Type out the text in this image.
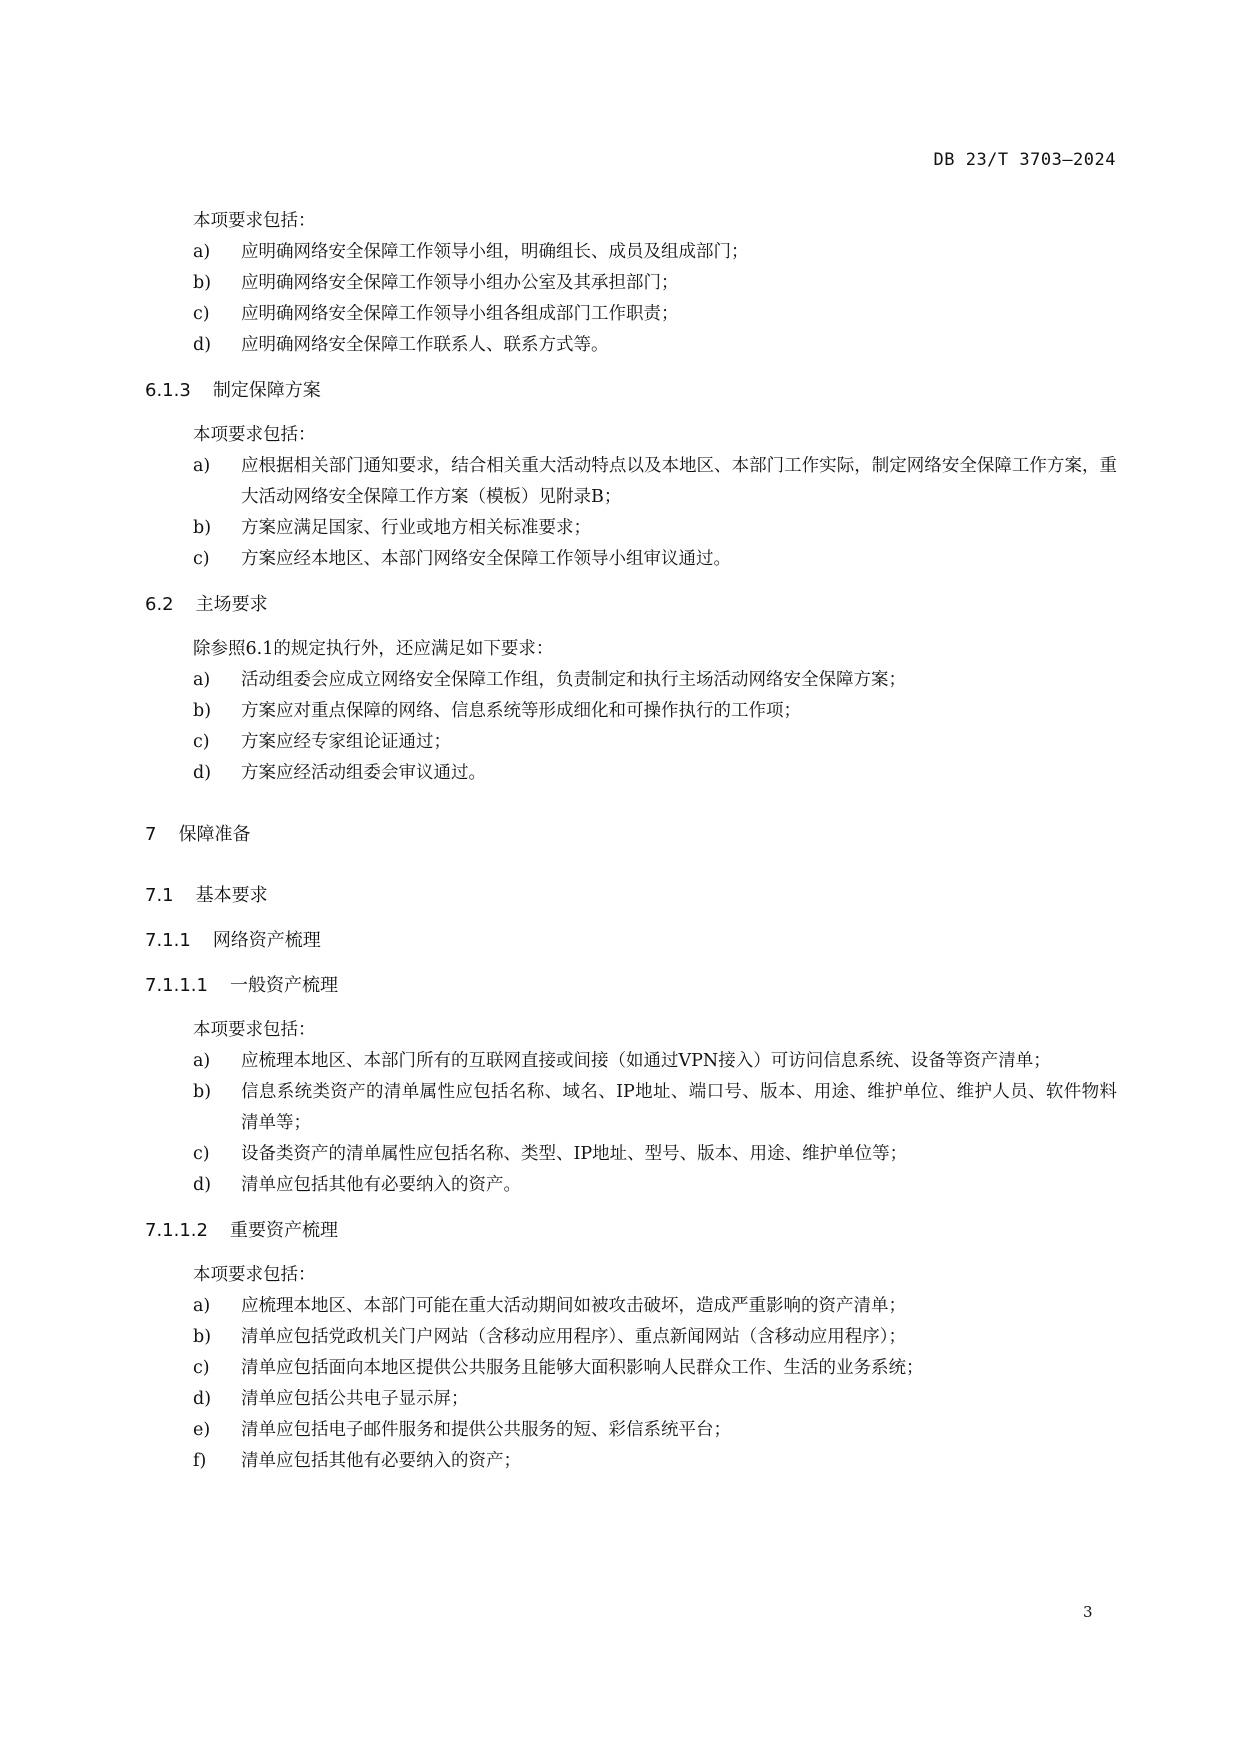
DB 23/T 3703—2024
本项要求包括：
a)	应明确网络安全保障工作领导小组，明确组长、成员及组成部门；
b)	应明确网络安全保障工作领导小组办公室及其承担部门；
c)	应明确网络安全保障工作领导小组各组成部门工作职责；
d)	应明确网络安全保障工作联系人、联系方式等。
6.1.3 制定保障方案
本项要求包括：
a)	应根据相关部门通知要求，结合相关重大活动特点以及本地区、本部门工作实际，制定网络安全保障工作方案，重大活动网络安全保障工作方案（模板）见附录B；
b)	方案应满足国家、行业或地方相关标准要求；
c)	方案应经本地区、本部门网络安全保障工作领导小组审议通过。
6.2 主场要求
除参照6.1的规定执行外，还应满足如下要求：
a)	活动组委会应成立网络安全保障工作组，负责制定和执行主场活动网络安全保障方案；
b)	方案应对重点保障的网络、信息系统等形成细化和可操作执行的工作项；
c)	方案应经专家组论证通过；
d)	方案应经活动组委会审议通过。
7 保障准备
7.1 基本要求
7.1.1 网络资产梳理
7.1.1.1 一般资产梳理
本项要求包括：
a)	应梳理本地区、本部门所有的互联网直接或间接（如通过VPN接入）可访问信息系统、设备等资产清单；
b)	信息系统类资产的清单属性应包括名称、域名、IP地址、端口号、版本、用途、维护单位、维护人员、软件物料清单等；
c)	设备类资产的清单属性应包括名称、类型、IP地址、型号、版本、用途、维护单位等；
d)	清单应包括其他有必要纳入的资产。
7.1.1.2 重要资产梳理
本项要求包括：
a)	应梳理本地区、本部门可能在重大活动期间如被攻击破坏，造成严重影响的资产清单；
b)	清单应包括党政机关门户网站（含移动应用程序）、重点新闻网站（含移动应用程序）；
c)	清单应包括面向本地区提供公共服务且能够大面积影响人民群众工作、生活的业务系统；
d)	清单应包括公共电子显示屏；
e)	清单应包括电子邮件服务和提供公共服务的短、彩信系统平台；
f)	清单应包括其他有必要纳入的资产；
3
